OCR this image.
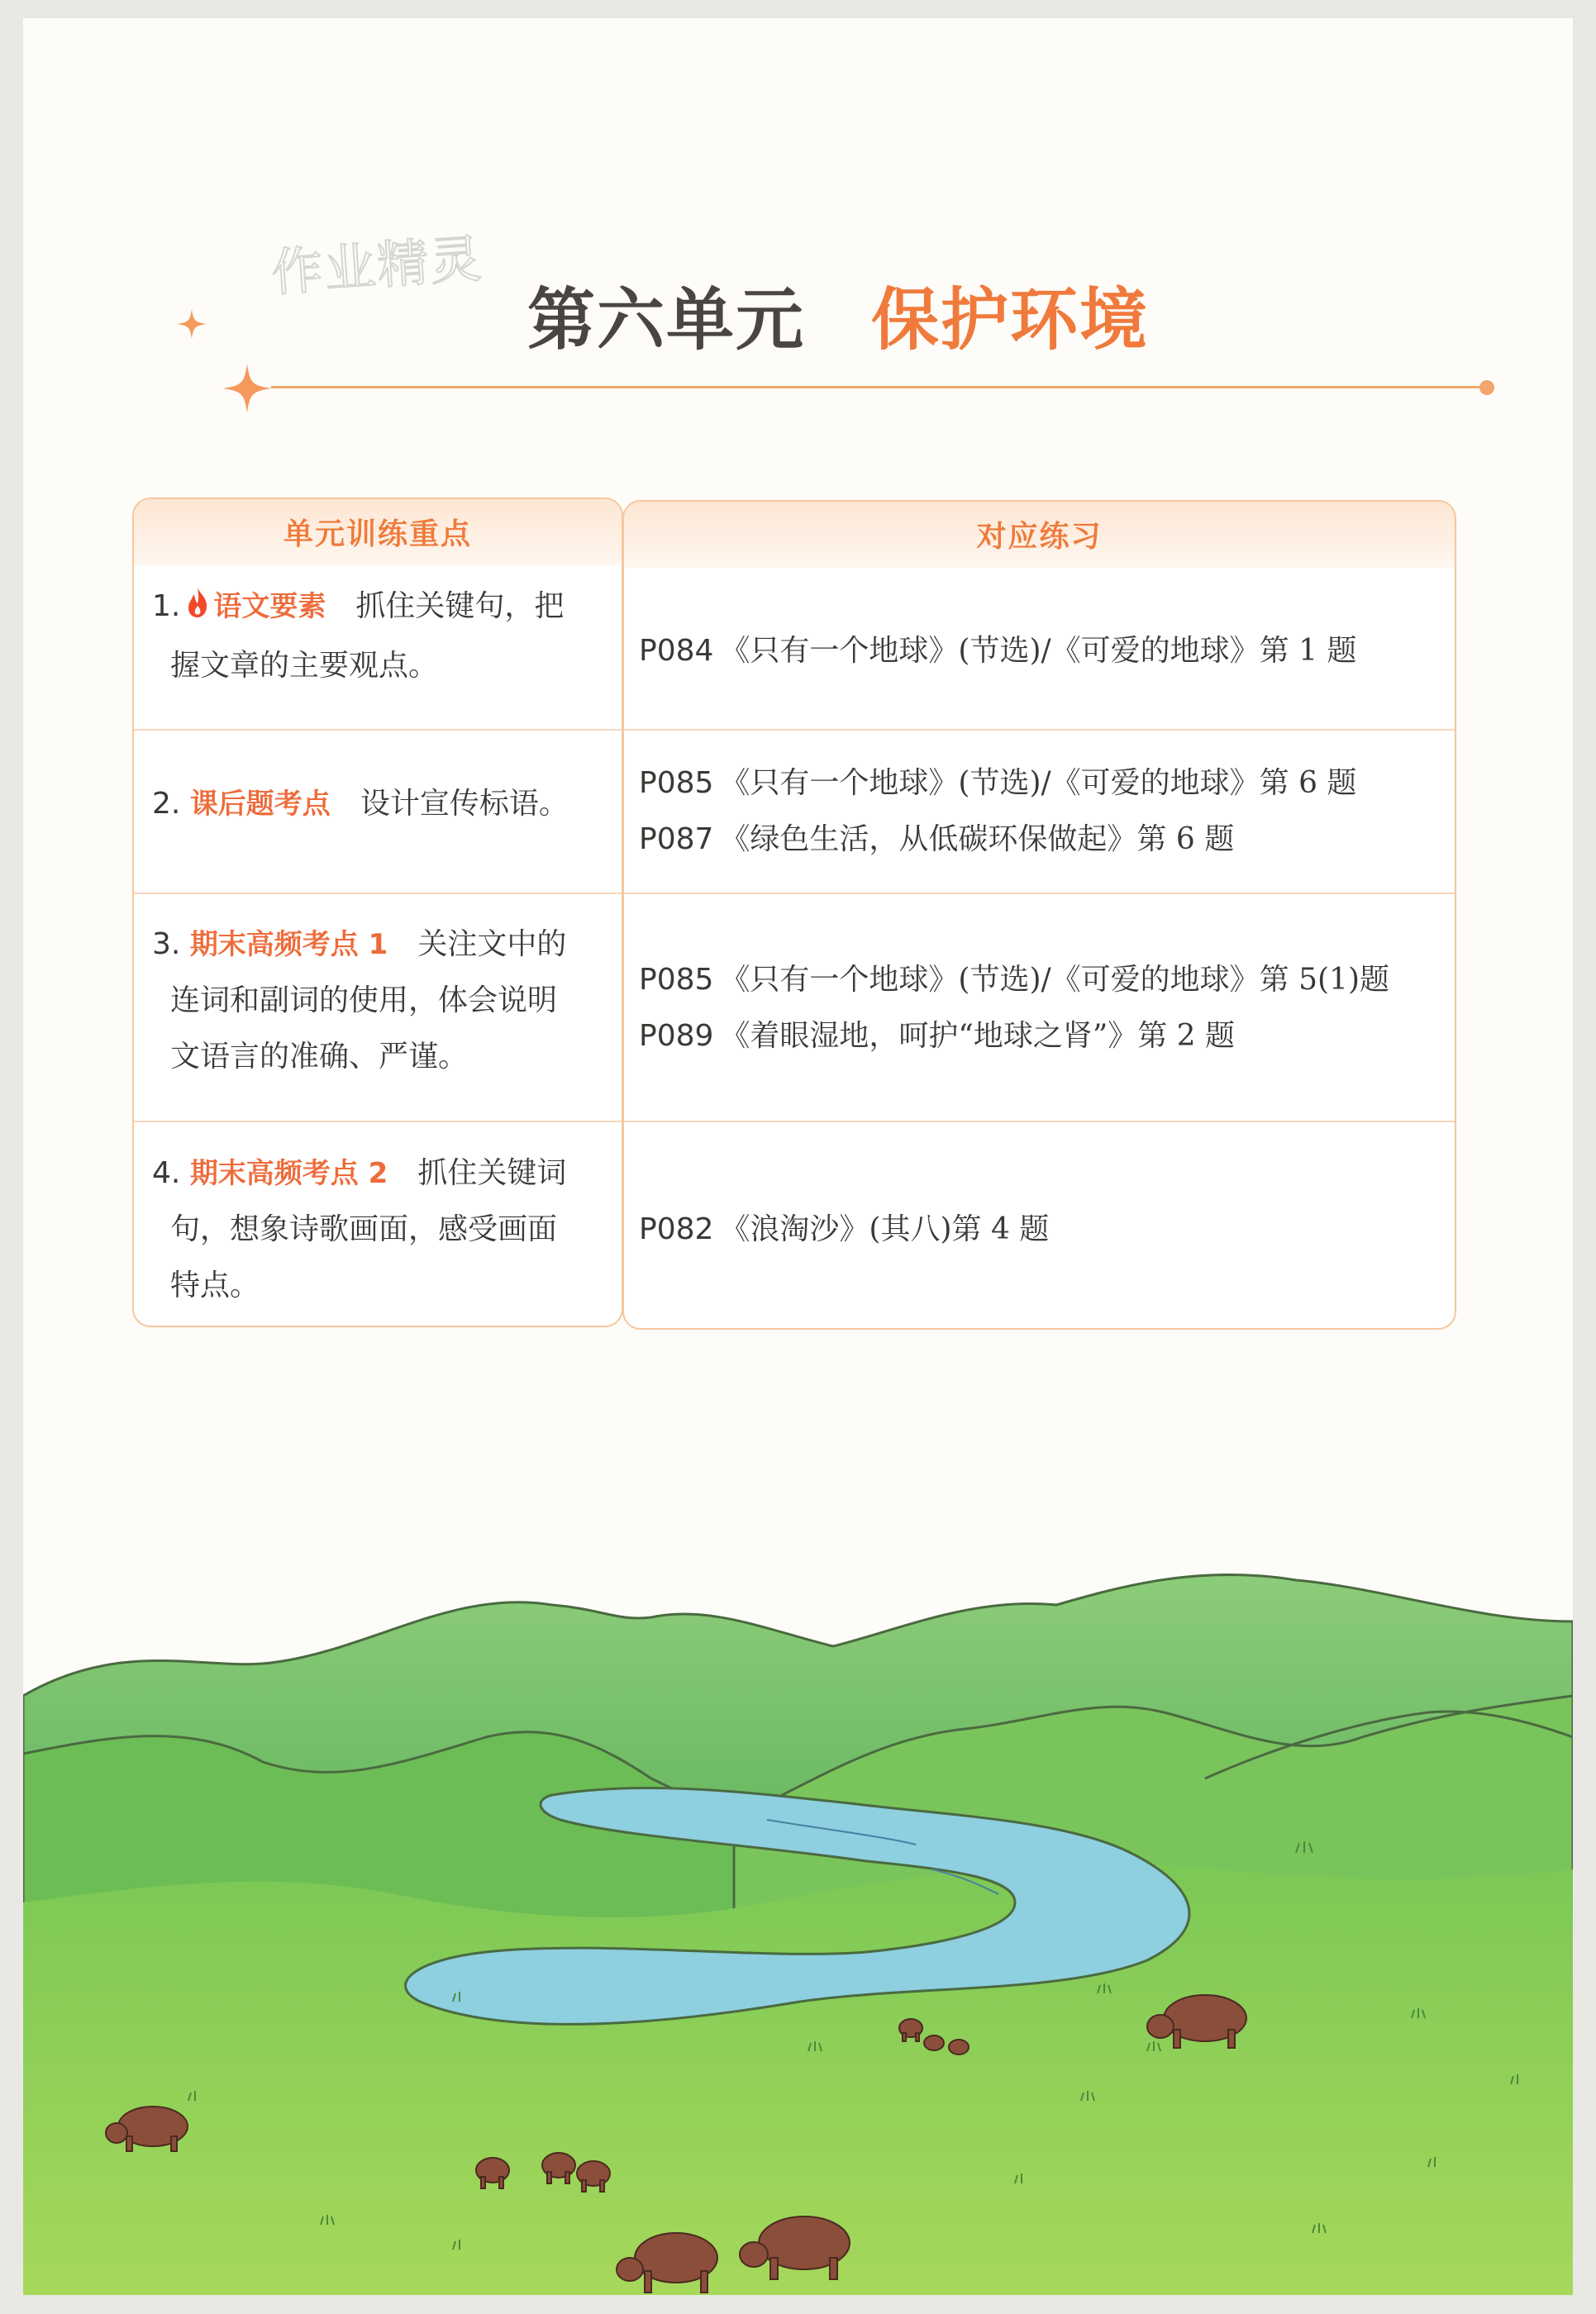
作业精灵
第六单元 保护环境
单元训练重点
1. 语文要素 抓住关键句，把
握文章的主要观点。
2. 课后题考点 设计宣传标语。
3. 期末高频考点 1 关注文中的
连词和副词的使用，体会说明
文语言的准确、严谨。
4. 期末高频考点 2 抓住关键词
句，想象诗歌画面，感受画面
特点。
对应练习
P084 《只有一个地球》(节选)/《可爱的地球》第 1 题
P085 《只有一个地球》(节选)/《可爱的地球》第 6 题
P087 《绿色生活，从低碳环保做起》第 6 题
P085 《只有一个地球》(节选)/《可爱的地球》第 5(1)题
P089 《着眼湿地，呵护“地球之肾”》第 2 题
P082 《浪淘沙》(其八)第 4 题
